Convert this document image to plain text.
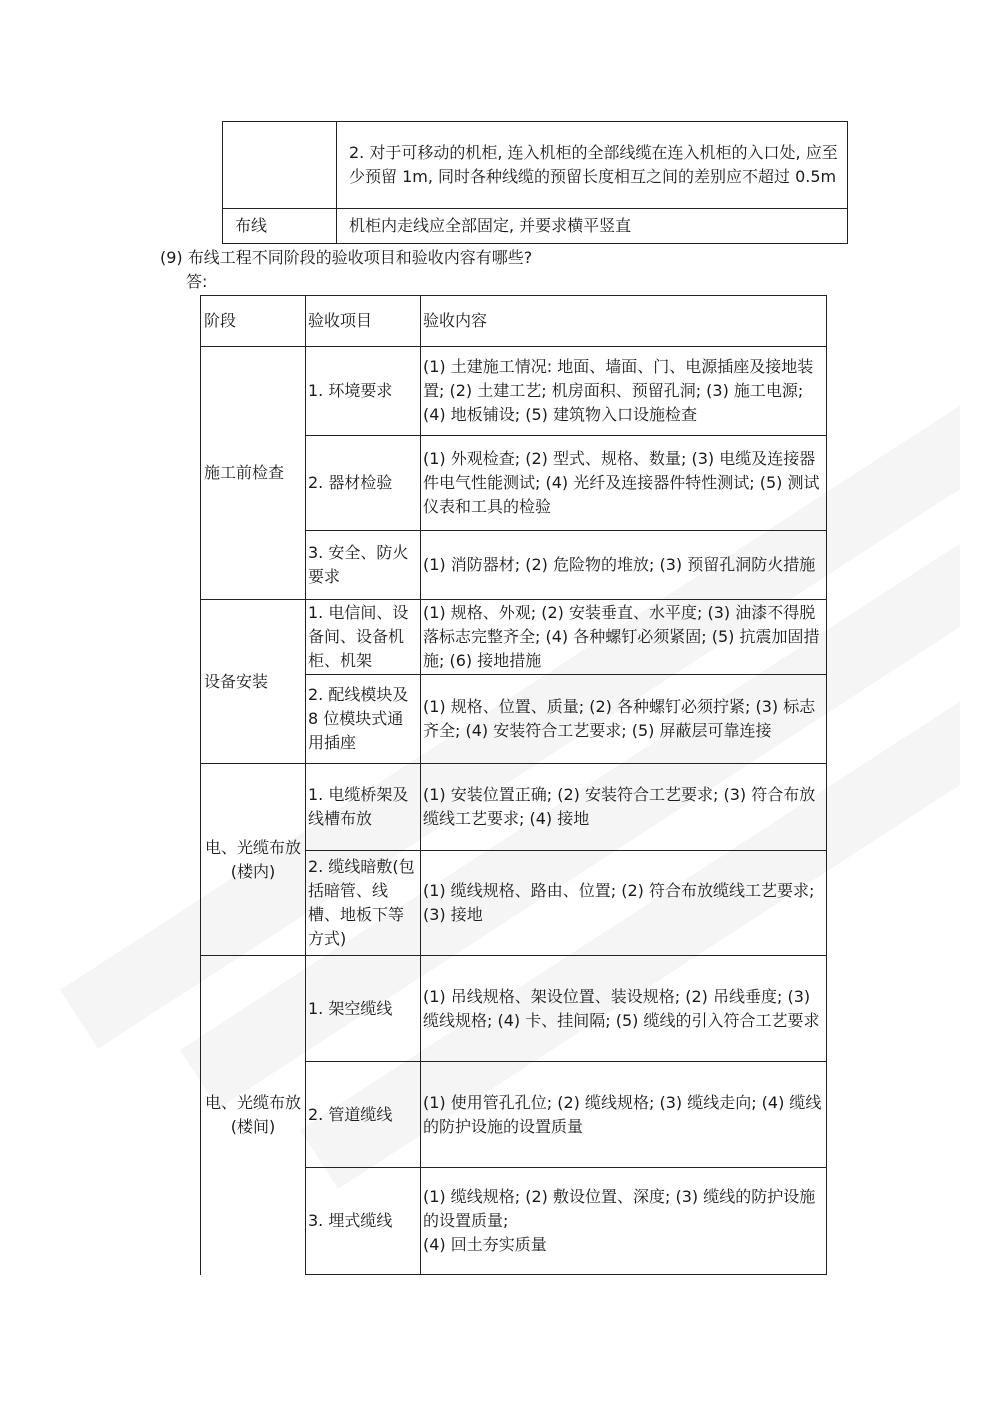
	2. 对于可移动的机柜, 连入机柜的全部线缆在连入机柜的入口处, 应至少预留 1m, 同时各种线缆的预留长度相互之间的差别应不超过 0.5m
布线	机柜内走线应全部固定, 并要求横平竖直
(9) 布线工程不同阶段的验收项目和验收内容有哪些?
答:
阶段	验收项目	验收内容
施工前检查	1. 环境要求	(1) 土建施工情况: 地面、墙面、门、电源插座及接地装置; (2) 土建工艺; 机房面积、预留孔洞; (3) 施工电源; (4) 地板铺设; (5) 建筑物入口设施检查
	2. 器材检验	(1) 外观检查; (2) 型式、规格、数量; (3) 电缆及连接器件电气性能测试; (4) 光纤及连接器件特性测试; (5) 测试仪表和工具的检验
	3. 安全、防火要求	(1) 消防器材; (2) 危险物的堆放; (3) 预留孔洞防火措施
设备安装	1. 电信间、设备间、设备机柜、机架	(1) 规格、外观; (2) 安装垂直、水平度; (3) 油漆不得脱落标志完整齐全; (4) 各种螺钉必须紧固; (5) 抗震加固措施; (6) 接地措施
	2. 配线模块及 8 位模块式通用插座	(1) 规格、位置、质量; (2) 各种螺钉必须拧紧; (3) 标志齐全; (4) 安装符合工艺要求; (5) 屏蔽层可靠连接
电、光缆布放(楼内)	1. 电缆桥架及线槽布放	(1) 安装位置正确; (2) 安装符合工艺要求; (3) 符合布放缆线工艺要求; (4) 接地
	2. 缆线暗敷(包括暗管、线槽、地板下等方式)	(1) 缆线规格、路由、位置; (2) 符合布放缆线工艺要求; (3) 接地
电、光缆布放(楼间)	1. 架空缆线	(1) 吊线规格、架设位置、装设规格; (2) 吊线垂度; (3) 缆线规格; (4) 卡、挂间隔; (5) 缆线的引入符合工艺要求
	2. 管道缆线	(1) 使用管孔孔位; (2) 缆线规格; (3) 缆线走向; (4) 缆线的防护设施的设置质量
	3. 埋式缆线	(1) 缆线规格; (2) 敷设位置、深度; (3) 缆线的防护设施的设置质量;
(4) 回土夯实质量
